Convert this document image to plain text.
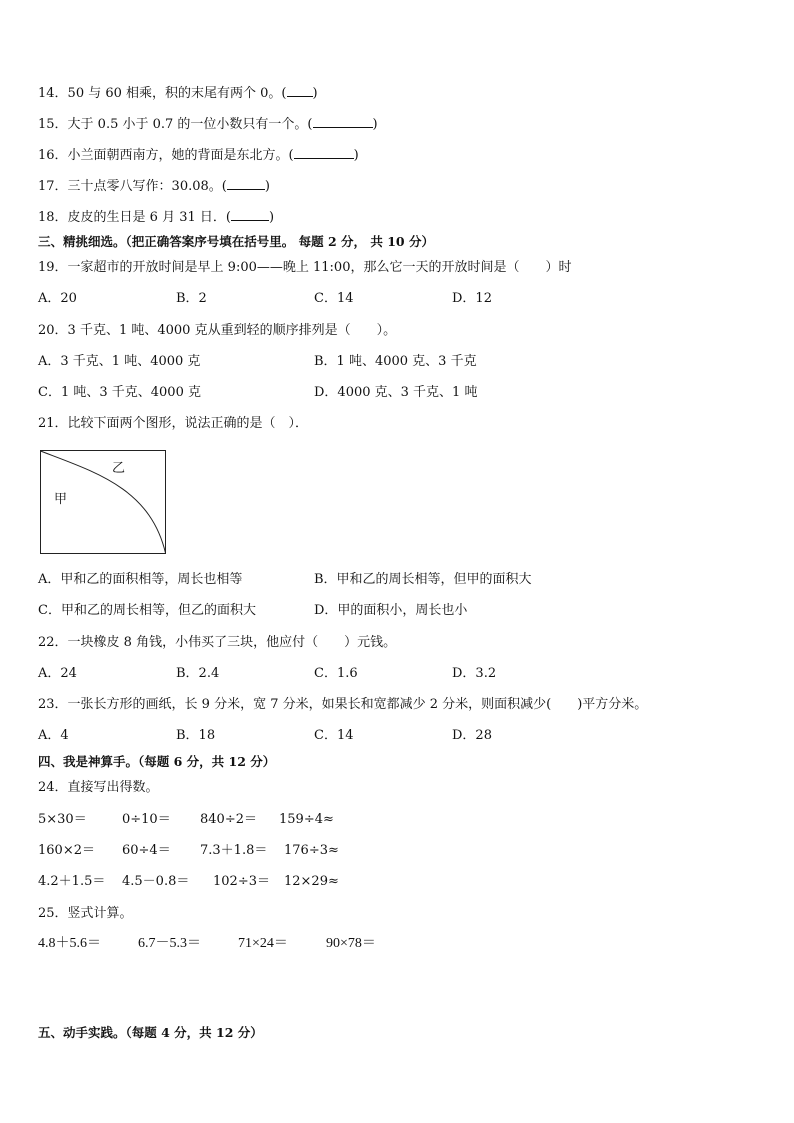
14．50 与 60 相乘，积的末尾有两个 0。( )
15．大于 0.5 小于 0.7 的一位小数只有一个。(	)
16．小兰面朝西南方，她的背面是东北方。(	)
17．三十点零八写作：30.08。(	)
18．皮皮的生日是 6 月 31 日．(	)
三、精挑细选。（把正确答案序号填在括号里。 每题 2 分， 共 10 分）
19．一家超市的开放时间是早上 9:00——晚上 11:00，那么它一天的开放时间是（　　）时
A．20	B．2	C．14	D．12
20．3 千克、1 吨、4000 克从重到轻的顺序排列是（　　）。
A．3 千克、1 吨、4000 克	B．1 吨、4000 克、3 千克
C．1 吨、3 千克、4000 克	D．4000 克、3 千克、1 吨
21．比较下面两个图形，说法正确的是（　）．
甲
乙
A．甲和乙的面积相等，周长也相等	B．甲和乙的周长相等，但甲的面积大
C．甲和乙的周长相等，但乙的面积大	D．甲的面积小，周长也小
22．一块橡皮 8 角钱，小伟买了三块，他应付（　　）元钱。
A．24	B．2.4	C．1.6	D．3.2
23．一张长方形的画纸，长 9 分米，宽 7 分米，如果长和宽都减少 2 分米，则面积减少(　　)平方分米。
A．4	B．18	C．14	D．28
四、我是神算手。（每题 6 分，共 12 分）
24．直接写出得数。
5×30＝	0÷10＝ 840÷2＝ 159÷4≈
160×2＝ 60÷4＝ 7.3＋1.8＝ 176÷3≈
4.2＋1.5＝ 4.5－0.8＝ 102÷3＝ 12×29≈
25．竖式计算。
4.8＋5.6＝	6.7－5.3＝	71×24＝	90×78＝
五、动手实践。（每题 4 分，共 12 分）
